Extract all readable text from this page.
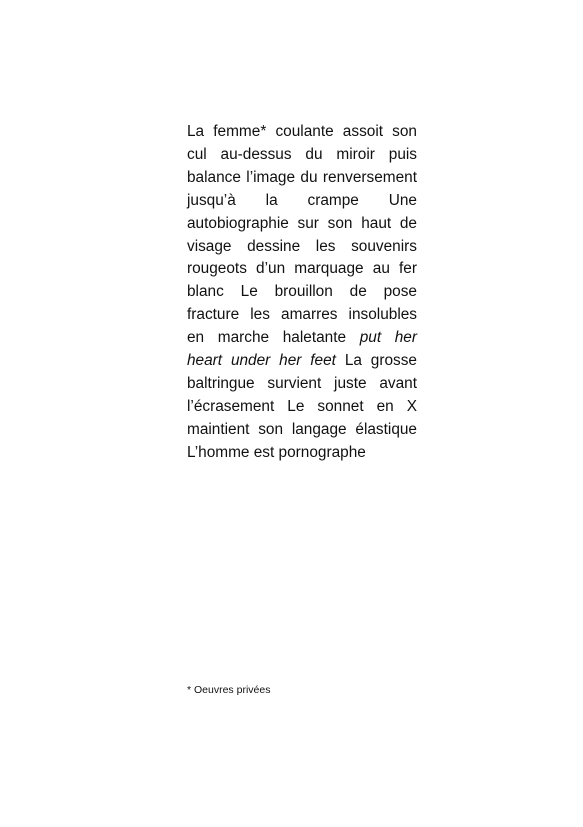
La femme* coulante assoit son cul au-dessus du miroir puis balance l’image du renversement jusqu’à la crampe Une autobiographie sur son haut de visage dessine les souvenirs rougeots d’un marquage au fer blanc Le brouillon de pose fracture les amarres insolubles en marche haletante put her heart under her feet La grosse baltringue survient juste avant l’écrasement Le sonnet en X maintient son langage élastique L’homme est pornographe

* Oeuvres privées
